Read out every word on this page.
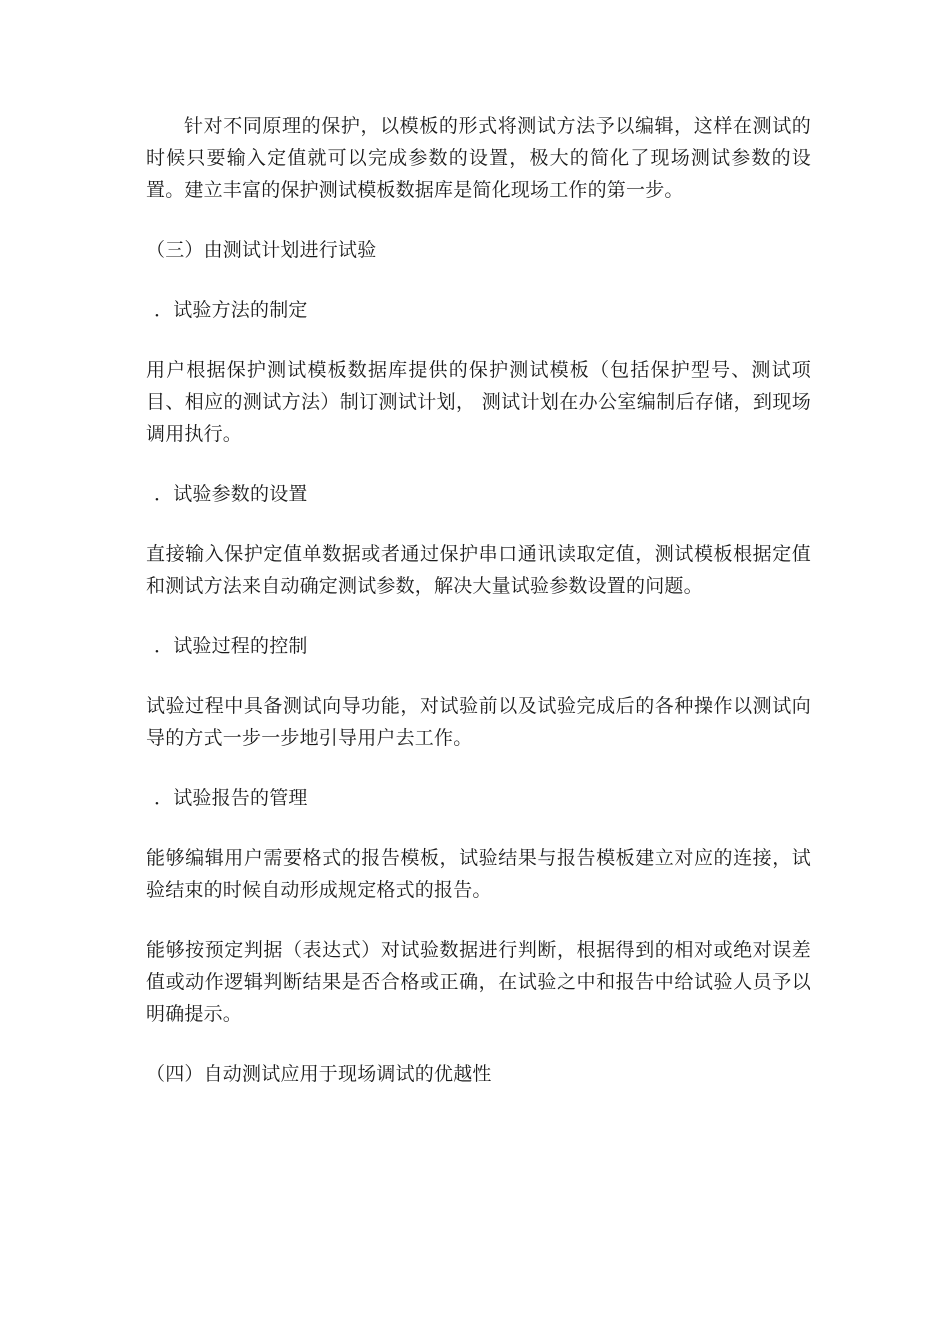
针对不同原理的保护，以模板的形式将测试方法予以编辑，这样在测试的时候只要输入定值就可以完成参数的设置，极大的简化了现场测试参数的设置。建立丰富的保护测试模板数据库是简化现场工作的第一步。

（三）由测试计划进行试验

．试验方法的制定

用户根据保护测试模板数据库提供的保护测试模板（包括保护型号、测试项目、相应的测试方法）制订测试计划， 测试计划在办公室编制后存储，到现场调用执行。

．试验参数的设置

直接输入保护定值单数据或者通过保护串口通讯读取定值，测试模板根据定值和测试方法来自动确定测试参数，解决大量试验参数设置的问题。

．试验过程的控制

试验过程中具备测试向导功能，对试验前以及试验完成后的各种操作以测试向导的方式一步一步地引导用户去工作。

．试验报告的管理

能够编辑用户需要格式的报告模板，试验结果与报告模板建立对应的连接，试验结束的时候自动形成规定格式的报告。

能够按预定判据（表达式）对试验数据进行判断，根据得到的相对或绝对误差值或动作逻辑判断结果是否合格或正确，在试验之中和报告中给试验人员予以明确提示。

（四）自动测试应用于现场调试的优越性
